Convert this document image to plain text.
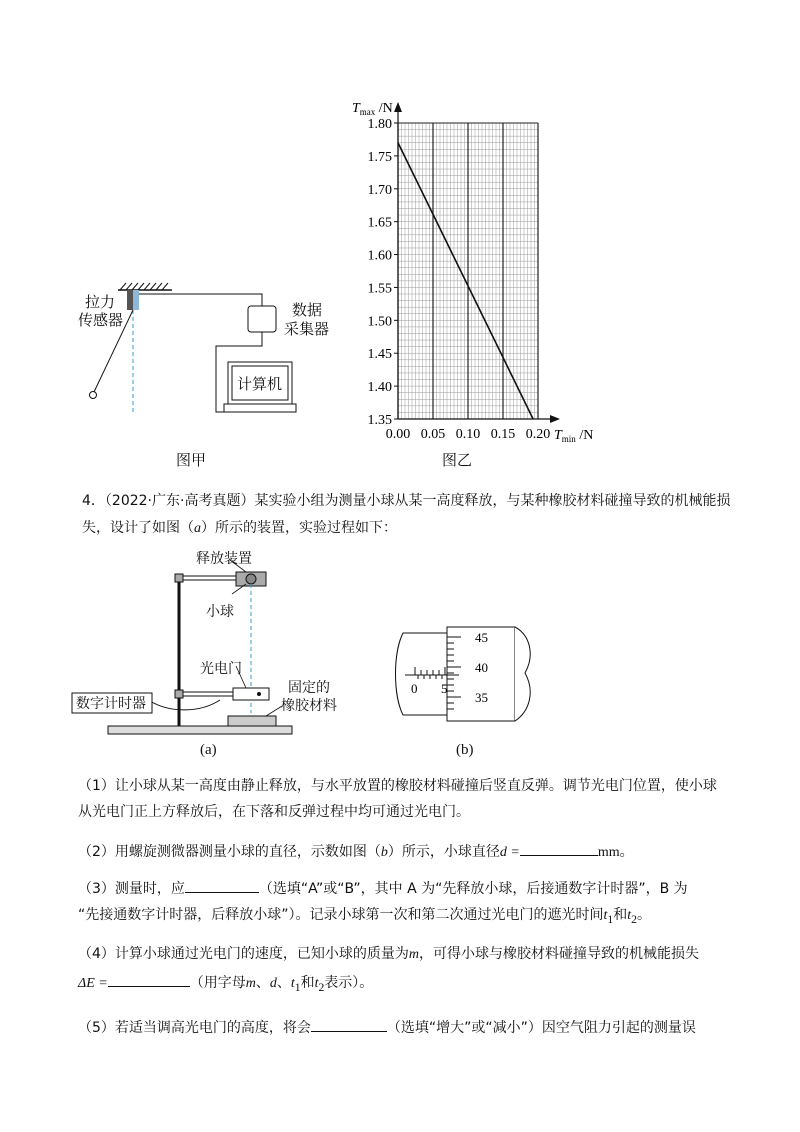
拉力
传感器
数据
采集器
计算机
图甲
1.80
1.75
1.70
1.65
1.60
1.55
1.50
1.45
1.40
1.35
0.00 0.05 0.10 0.15 0.20
$T_{max}$ /N
$T_{min}$ /N
图乙
4．（2022·广东·高考真题）某实验小组为测量小球从某一高度释放，与某种橡胶材料碰撞导致的机械能损
失，设计了如图（a）所示的装置，实验过程如下：
释放装置
小球
光电门
数字计时器
固定的
橡胶材料
(a)
45
40
35
0 5
(b)
（1）让小球从某一高度由静止释放，与水平放置的橡胶材料碰撞后竖直反弹。调节光电门位置，使小球
从光电门正上方释放后，在下落和反弹过程中均可通过光电门。
（2）用螺旋测微器测量小球的直径，示数如图（b）所示，小球直径d =	mm。
（3）测量时，应	（选填“A”或“B”，其中 A 为“先释放小球，后接通数字计时器”，B 为
“先接通数字计时器，后释放小球”）。记录小球第一次和第二次通过光电门的遮光时间$t_1$和$t_2$。
（4）计算小球通过光电门的速度，已知小球的质量为m，可得小球与橡胶材料碰撞导致的机械能损失
ΔE =	（用字母m、d、$t_1$和$t_2$表示）。
（5）若适当调高光电门的高度，将会	（选填“增大”或“减小”）因空气阻力引起的测量误
